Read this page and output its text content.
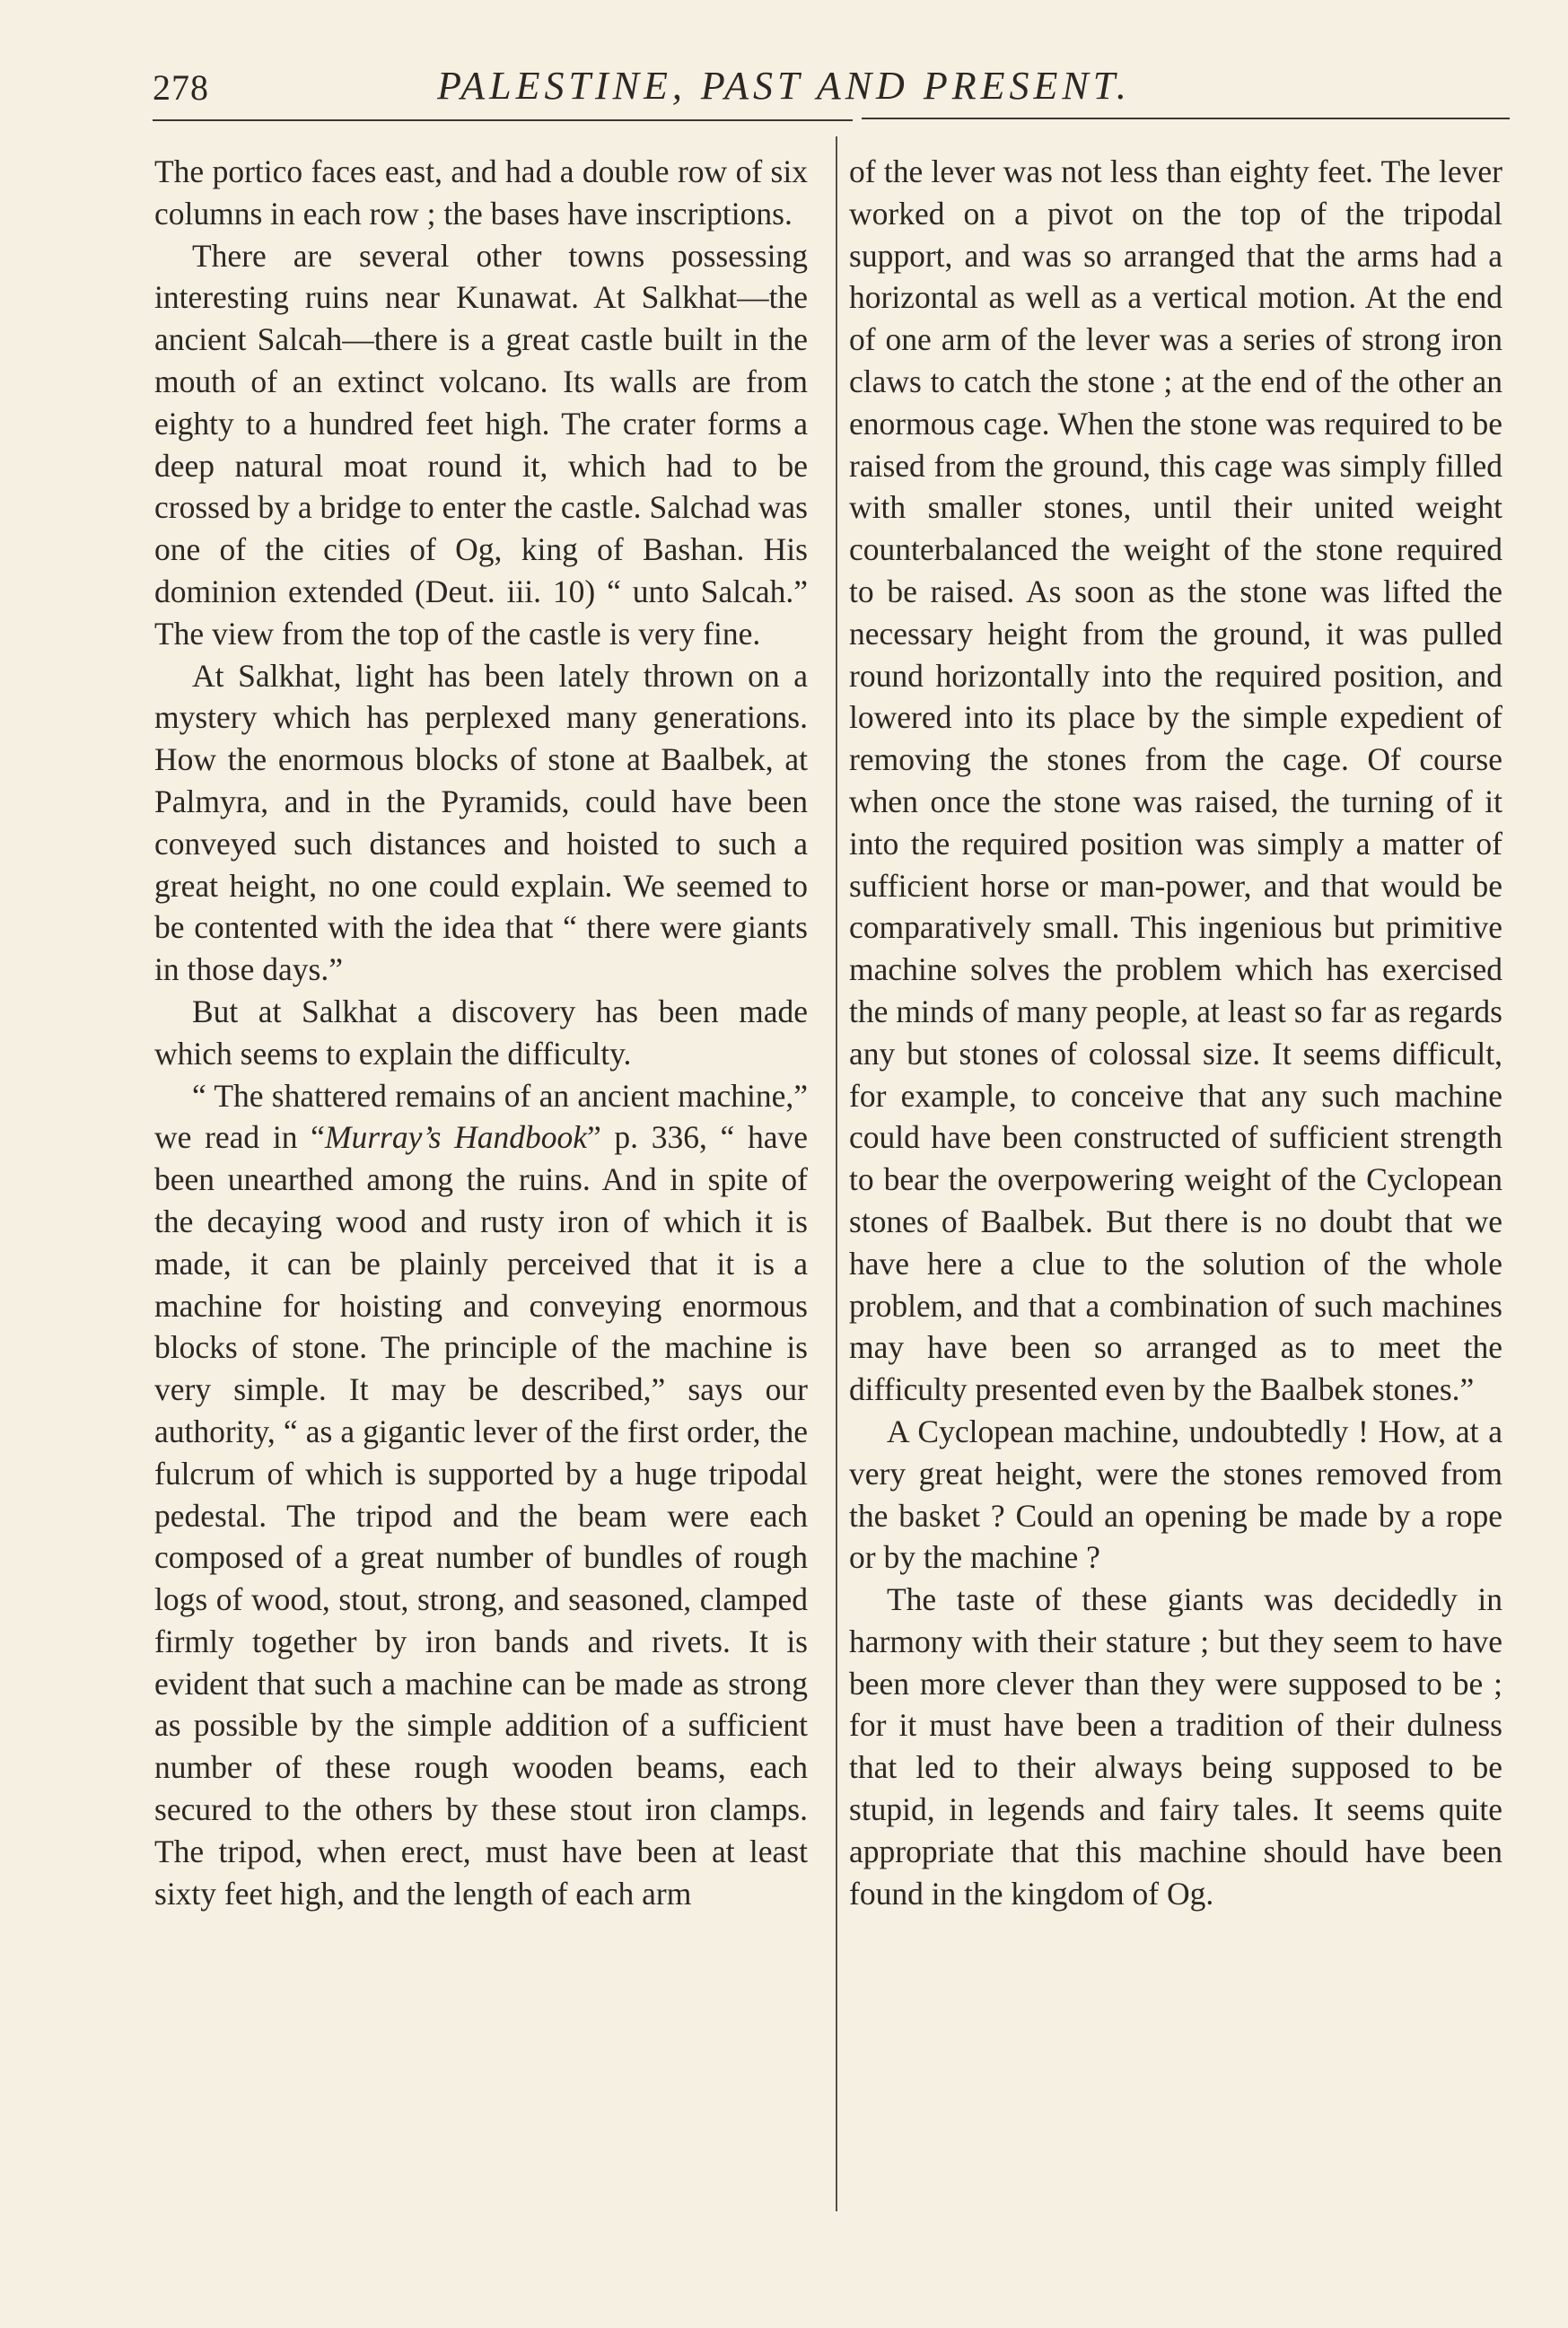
278	PALESTINE, PAST AND PRESENT.

The portico faces east, and had a double row of six columns in each row ; the bases have inscriptions.

There are several other towns possessing interesting ruins near Kunawat. At Salkhat—the ancient Salcah—there is a great castle built in the mouth of an extinct volcano. Its walls are from eighty to a hundred feet high. The crater forms a deep natural moat round it, which had to be crossed by a bridge to enter the castle. Salchad was one of the cities of Og, king of Bashan. His dominion extended (Deut. iii. 10) “ unto Salcah.” The view from the top of the castle is very fine.

At Salkhat, light has been lately thrown on a mystery which has perplexed many generations. How the enormous blocks of stone at Baalbek, at Palmyra, and in the Pyramids, could have been conveyed such distances and hoisted to such a great height, no one could explain. We seemed to be contented with the idea that “ there were giants in those days.”

But at Salkhat a discovery has been made which seems to explain the difficulty.

“ The shattered remains of an ancient machine,” we read in “Murray’s Handbook” p. 336, “ have been unearthed among the ruins. And in spite of the decaying wood and rusty iron of which it is made, it can be plainly perceived that it is a machine for hoisting and conveying enormous blocks of stone. The principle of the machine is very simple. It may be described,” says our authority, “ as a gigantic lever of the first order, the fulcrum of which is supported by a huge tripodal pedestal. The tripod and the beam were each composed of a great number of bundles of rough logs of wood, stout, strong, and seasoned, clamped firmly together by iron bands and rivets. It is evident that such a machine can be made as strong as possible by the simple addition of a sufficient number of these rough wooden beams, each secured to the others by these stout iron clamps. The tripod, when erect, must have been at least sixty feet high, and the length of each arm

of the lever was not less than eighty feet. The lever worked on a pivot on the top of the tripodal support, and was so arranged that the arms had a horizontal as well as a vertical motion. At the end of one arm of the lever was a series of strong iron claws to catch the stone ; at the end of the other an enormous cage. When the stone was required to be raised from the ground, this cage was simply filled with smaller stones, until their united weight counterbalanced the weight of the stone required to be raised. As soon as the stone was lifted the necessary height from the ground, it was pulled round horizontally into the required position, and lowered into its place by the simple expedient of removing the stones from the cage. Of course when once the stone was raised, the turning of it into the required position was simply a matter of sufficient horse or man-power, and that would be comparatively small. This ingenious but primitive machine solves the problem which has exercised the minds of many people, at least so far as regards any but stones of colossal size. It seems difficult, for example, to conceive that any such machine could have been constructed of sufficient strength to bear the overpowering weight of the Cyclopean stones of Baalbek. But there is no doubt that we have here a clue to the solution of the whole problem, and that a combination of such machines may have been so arranged as to meet the difficulty presented even by the Baalbek stones.”

A Cyclopean machine, undoubtedly ! How, at a very great height, were the stones removed from the basket ? Could an opening be made by a rope or by the machine ?

The taste of these giants was decidedly in harmony with their stature ; but they seem to have been more clever than they were supposed to be ; for it must have been a tradition of their dulness that led to their always being supposed to be stupid, in legends and fairy tales. It seems quite appropriate that this machine should have been found in the kingdom of Og.
